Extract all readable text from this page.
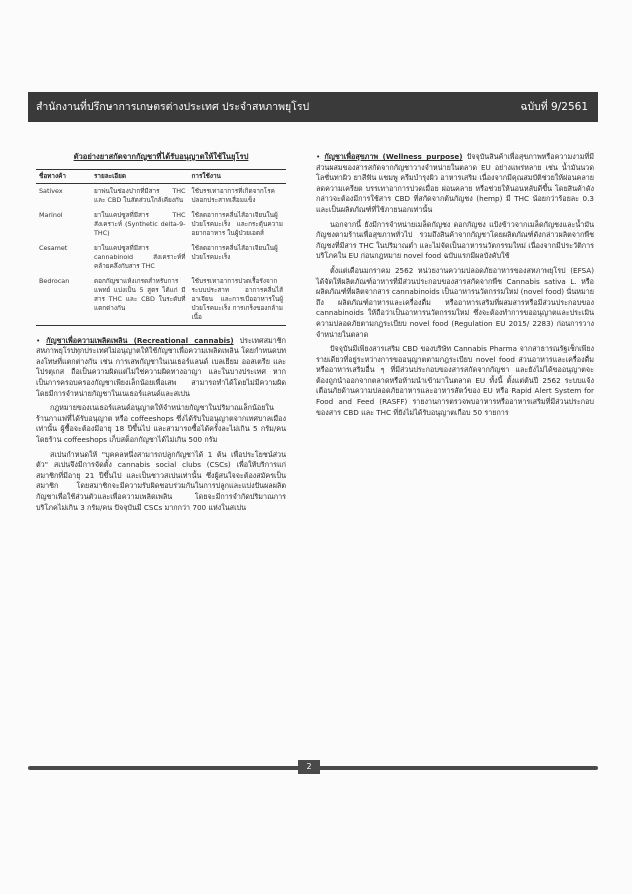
สำนักงานที่ปรึกษาการเกษตรต่างประเทศ ประจำสหภาพยุโรป	ฉบับที่ 9/2561
ตัวอย่างยาสกัดจากกัญชาที่ได้รับอนุญาตให้ใช้ในยุโรป
ชื่อทางค้า	รายละเอียด	การใช้งาน
Sativex	ยาพ่นในช่องปากที่มีสาร THC และ CBD ในสัดส่วนใกล้เคียงกัน	ใช้บรรเทาอาการที่เกิดจากโรคปลอกประสาทเสื่อมแข็ง
Marinol	ยาในแคปซูลที่มีสาร THC สังเคราะห์ (Synthetic delta-9-THC)	ใช้ลดอาการคลื่นไส้อาเจียนในผู้ป่วยโรคมะเร็ง และกระตุ้นความอยากอาหาร ในผู้ป่วยเอดส์
Cesamet	ยาในแคปซูลที่มีสาร cannabinoid สังเคราะห์ที่คล้ายคลึงกับสาร THC	ใช้ลดอาการคลื่นไส้อาเจียนในผู้ป่วยโรคมะเร็ง
Bedrocan	ดอกกัญชาแห้งเกรดสำหรับการแพทย์ แบ่งเป็น 5 สูตร ได้แก่ มีสาร THC และ CBD ในระดับที่แตกต่างกัน	ใช้บรรเทาอาการปวดเรื้อรังจากระบบประสาท อาการคลื่นไส้อาเจียน และการเบื่ออาหารในผู้ป่วยโรคมะเร็ง การเกร็งของกล้ามเนื้อ

• กัญชาเพื่อความเพลิดเพลิน (Recreational cannabis) ประเทศสมาชิก สหภาพยุโรปทุกประเทศไม่อนุญาตให้ใช้กัญชาเพื่อความเพลิดเพลิน โดยกำหนดบทลงโทษที่แตกต่างกัน เช่น การเสพกัญชาในเนเธอร์แลนด์ เบลเยียม ออสเตรีย และโปรตุเกส ถือเป็นความผิดแต่ไม่ใช่ความผิดทางอาญา และในบางประเทศ หากเป็นการครอบครองกัญชาเพียงเล็กน้อยเพื่อเสพ สามารถทำได้โดยไม่มีความผิด โดยมีการจำหน่ายกัญชาในเนเธอร์แลนด์และสเปน

กฎหมายของเนเธอร์แลนด์อนุญาตให้จำหน่ายกัญชาในปริมาณเล็กน้อยในร้านกาแฟที่ได้รับอนุญาต หรือ coffeeshops ซึ่งได้รับใบอนุญาตจากเทศบาลเมืองเท่านั้น ผู้ซื้อจะต้องมีอายุ 18 ปีขึ้นไป และสามารถซื้อได้ครั้งละไม่เกิน 5 กรัม/คน โดยร้าน coffeeshops เก็บสต็อกกัญชาได้ไม่เกิน 500 กรัม

สเปนกำหนดให้ "บุคคลหนึ่งสามารถปลูกกัญชาได้ 1 ต้น เพื่อประโยชน์ส่วนตัว" สเปนจึงมีการจัดตั้ง cannabis social clubs (CSCs) เพื่อให้บริการแก่สมาชิกที่มีอายุ 21 ปีขึ้นไป และเป็นชาวสเปนเท่านั้น ซึ่งผู้สนใจจะต้องสมัครเป็นสมาชิก โดยสมาชิกจะมีความรับผิดชอบร่วมกันในการปลูกและแบ่งปันผลผลิตกัญชาเพื่อใช้ส่วนตัวและเพื่อความเพลิดเพลิน โดยจะมีการจำกัดปริมาณการบริโภคไม่เกิน 3 กรัม/คน ปัจจุบันมี CSCs มากกว่า 700 แห่งในสเปน

• กัญชาเพื่อสุขภาพ (Wellness purpose) ปัจจุบันสินค้าเพื่อสุขภาพหรือความงามที่มีส่วนผสมของสารสกัดจากกัญชาวางจำหน่ายในตลาด EU อย่างแพร่หลาย เช่น น้ำมันนวด โลชั่นทาผิว ยาสีฟัน แชมพู ครีมบำรุงผิว อาหารเสริม เนื่องจากมีคุณสมบัติช่วยให้ผ่อนคลาย ลดความเครียด บรรเทาอาการปวดเมื่อย ผ่อนคลาย หรือช่วยให้นอนหลับดีขึ้น โดยสินค้าดังกล่าวจะต้องมีการใช้สาร CBD ที่สกัดจากต้นกัญชง (hemp) มี THC น้อยกว่าร้อยละ 0.3 และเป็นผลิตภัณฑ์ที่ใช้ภายนอกเท่านั้น

นอกจากนี้ ยังมีการจำหน่ายเมล็ดกัญชง ดอกกัญชง แป้งข้าวจากเมล็ดกัญชงและน้ำมันกัญชงตามร้านเพื่อสุขภาพทั่วไป รวมถึงสินค้าจากกัญชาโดยผลิตภัณฑ์ดังกล่าวผลิตจากพืชกัญชงที่มีสาร THC ในปริมาณต่ำ และไม่จัดเป็นอาหารนวัตกรรมใหม่ เนื่องจากมีประวัติการบริโภคใน EU ก่อนกฎหมาย novel food ฉบับแรกมีผลบังคับใช้

ตั้งแต่เดือนมกราคม 2562 หน่วยงานความปลอดภัยอาหารของสหภาพยุโรป (EFSA) ได้จัดให้ผลิตภัณฑ์อาหารที่มีส่วนประกอบของสารสกัดจากพืช Cannabis sativa L. หรือผลิตภัณฑ์ที่ผลิตจากสาร cannabinoids เป็นอาหารนวัตกรรมใหม่ (novel food) นั่นหมายถึง ผลิตภัณฑ์อาหารและเครื่องดื่ม หรืออาหารเสริมที่ผสมสารหรือมีส่วนประกอบของ cannabinoids ให้ถือว่าเป็นอาหารนวัตกรรมใหม่ ซึ่งจะต้องทำการขออนุญาตและประเมินความปลอดภัยตามกฎระเบียบ novel food (Regulation EU 2015/ 2283) ก่อนการวางจำหน่ายในตลาด

ปัจจุบันมีเพียงสารเสริม CBD ของบริษัท Cannabis Pharma จากสาธารณรัฐเช็กเพียงรายเดียวที่อยู่ระหว่างการขออนุญาตตามกฎระเบียบ novel food ส่วนอาหารและเครื่องดื่มหรืออาหารเสริมอื่น ๆ ที่มีส่วนประกอบของสารสกัดจากกัญชา และยังไม่ได้ขออนุญาตจะต้องถูกนำออกจากตลาดหรือห้ามนำเข้ามาในตลาด EU ทั้งนี้ ตั้งแต่ต้นปี 2562 ระบบแจ้งเตือนภัยด้านความปลอดภัยอาหารและอาหารสัตว์ของ EU หรือ Rapid Alert System for Food and Feed (RASFF) รายงานการตรวจพบอาหารหรืออาหารเสริมที่มีส่วนประกอบของสาร CBD และ THC ที่ยังไม่ได้รับอนุญาตเกือบ 50 รายการ

2
